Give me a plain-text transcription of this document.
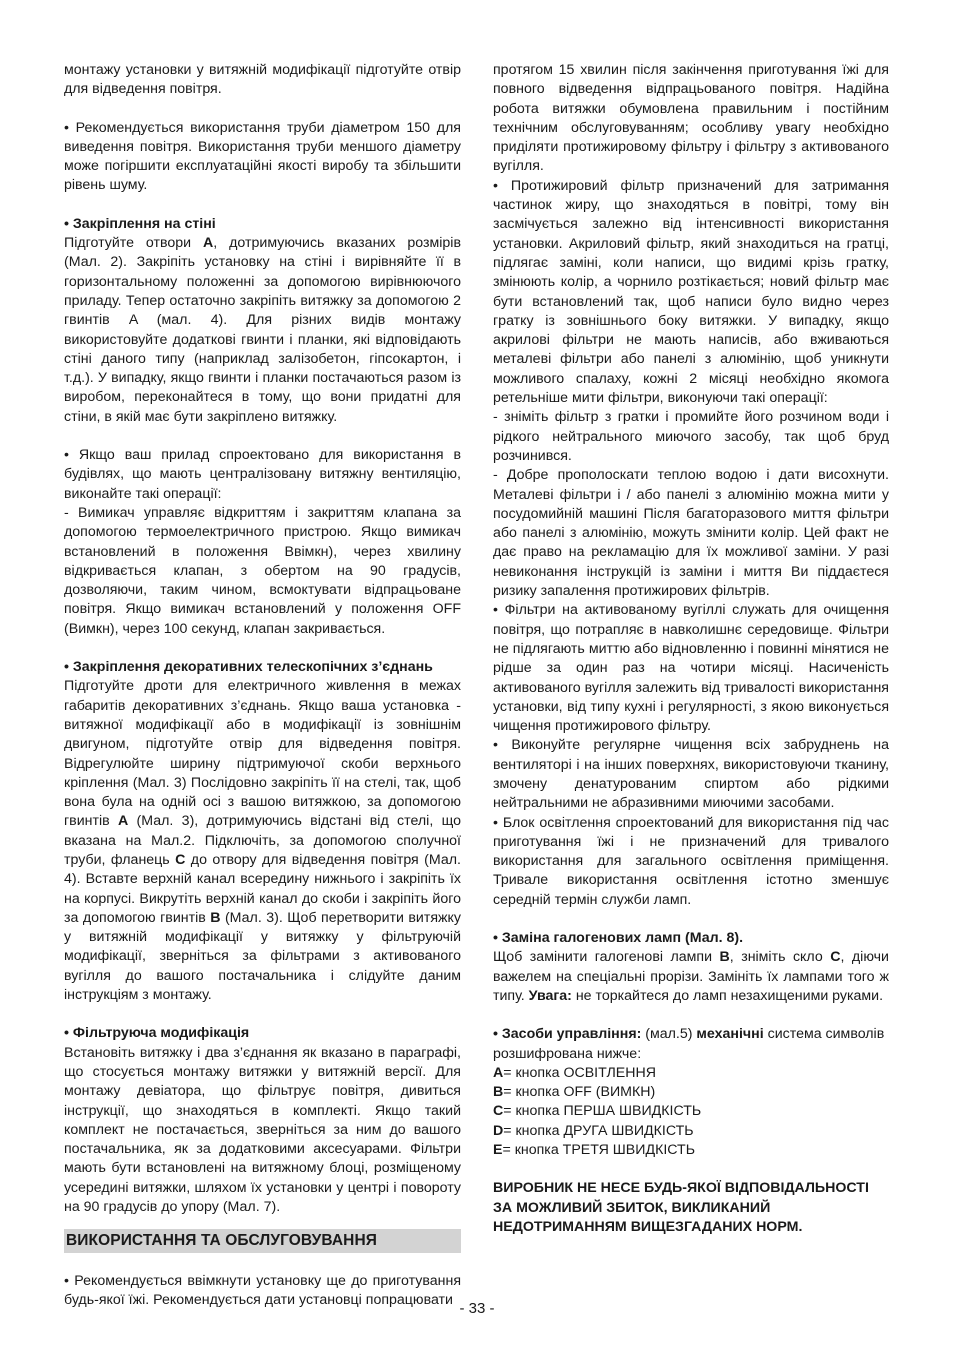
монтажу установки у витяжній модифікації підготуйте отвір для відведення повітря.

• Рекомендується використання труби діаметром 150 для виведення повітря. Використання труби меншого діаметру може погіршити експлуатаційні якості виробу та збільшити рівень шуму.

• Закріплення на стіні

Підготуйте отвори A, дотримуючись вказаних розмірів (Мал. 2). Закріпіть установку на стіні і вирівняйте її в горизонтальному положенні за допомогою вирівнюючого приладу. Тепер остаточно закріпіть витяжку за допомогою 2 гвинтів A (мал. 4). Для різних видів монтажу використовуйте додаткові гвинти і планки, які відповідають стіні даного типу (наприклад залізобетон, гіпсокартон, і т.д.). У випадку, якщо гвинти і планки постачаються разом із виробом, переконайтеся в тому, що вони придатні для стіни, в якій має бути закріплено витяжку.

• Якщо ваш прилад спроектовано для використання в будівлях, що мають централізовану витяжну вентиляцію, виконайте такі операції:

- Вимикач управляє відкриттям і закриттям клапана за допомогою термоелектричного пристрою. Якщо вимикач встановлений в положення Ввімкн), через хвилину відкривається клапан, з обертом на 90 градусів, дозволяючи, таким чином, всмоктувати відпрацьоване повітря. Якщо вимикач встановлений у положення OFF (Вимкн), через 100 секунд, клапан закривається.

• Закріплення декоративних телескопічних з’єднань

Підготуйте дроти для електричного живлення в межах габаритів декоративних з’єднань. Якщо ваша установка - витяжної модифікації або в модифікації із зовнішнім двигуном, підготуйте отвір для відведення повітря. Відрегулюйте ширину підтримуючої скоби верхнього кріплення (Мал. 3) Послідовно закріпіть її на стелі, так, щоб вона була на одній осі з вашою витяжкою, за допомогою гвинтів A (Мал. 3), дотримуючись відстані від стелі, що вказана на Мал.2. Підключіть, за допомогою сполучної труби, фланець C до отвору для відведення повітря (Мал. 4). Вставте верхній канал всередину нижнього і закріпіть їх на корпусі. Викрутіть верхній канал до скоби і закріпіть його за допомогою гвинтів B (Мал. 3). Щоб перетворити витяжку у витяжній модифікації у витяжку у фільтруючій модифікації, зверніться за фільтрами з активованого вугілля до вашого постачальника і слідуйте даним інструкціям з монтажу.

• Фільтруюча модифікація

Встановіть витяжку і два з’єднання як вказано в параграфі, що стосується монтажу витяжки у витяжній версії. Для монтажу девіатора, що фільтрує повітря, дивиться інструкції, що знаходяться в комплекті. Якщо такий комплект не постачається, зверніться за ним до вашого постачальника, як за додатковими аксесуарами. Фільтри мають бути встановлені на витяжному блоці, розміщеному усередині витяжки, шляхом їх установки у центрі і повороту на 90 градусів до упору (Мал. 7).

ВИКОРИСТАННЯ ТА ОБСЛУГОВУВАННЯ

• Рекомендується ввімкнути установку ще до приготування будь-якої їжі. Рекомендується дати установці попрацювати

протягом 15 хвилин після закінчення приготування їжі для повного відведення відпрацьованого повітря. Надійна робота витяжки обумовлена правильним і постійним технічним обслуговуванням; особливу увагу необхідно приділяти протижировому фільтру і фільтру з активованого вугілля.

• Протижировий фільтр призначений для затримання частинок жиру, що знаходяться в повітрі, тому він засмічується залежно від інтенсивності використання установки. Акриловий фільтр, який знаходиться на гратці, підлягає заміні, коли написи, що видимі крізь гратку, змінюють колір, а чорнило розтікається; новий фільтр має бути встановлений так, щоб написи було видно через гратку із зовнішнього боку витяжки. У випадку, якщо акрилові фільтри не мають написів, або вживаються металеві фільтри або панелі з алюмінію, щоб уникнути можливого спалаху, кожні 2 місяці необхідно якомога ретельніше мити фільтри, виконуючи такі операції:

- зніміть фільтр з гратки і промийте його розчином води і рідкого нейтрального миючого засобу, так щоб бруд розчинився.

- Добре прополоскати теплою водою і дати висохнути. Металеві фільтри і / або панелі з алюмінію можна мити у посудомийній машині Після багаторазового миття фільтри або панелі з алюмінію, можуть змінити колір. Цей факт не дає право на рекламацію для їх можливої заміни. У разі невиконання інструкцій із заміни і миття Ви піддаєтеся ризику запалення протижирових фільтрів.

• Фільтри на активованому вугіллі служать для очищення повітря, що потрапляє в навколишнє середовище. Фільтри не підлягають миттю або відновленню і повинні мінятися не рідше за один раз на чотири місяці. Насиченість активованого вугілля залежить від тривалості використання установки, від типу кухні і регулярності, з якою виконується чищення протижирового фільтру.

• Виконуйте регулярне чищення всіх забруднень на вентиляторі і на інших поверхнях, використовуючи тканину, змочену денатурованим спиртом або рідкими нейтральними не абразивними миючими засобами.

• Блок освітлення спроектований для використання під час приготування їжі і не призначений для тривалого використання для загального освітлення приміщення. Тривале використання освітлення істотно зменшує середній термін служби ламп.

• Заміна галогенових ламп (Мал. 8).

Щоб замінити галогенові лампи B, зніміть скло C, діючи важелем на спеціальні прорізи. Замініть їх лампами того ж типу. Увага: не торкайтеся до ламп незахищеними руками.

• Засоби управління: (мал.5) механічні система символів розшифрована нижче:

A= кнопка ОСВІТЛЕННЯ
B= кнопка OFF (ВИМКН)
C= кнопка ПЕРША ШВИДКІСТЬ
D= кнопка ДРУГА ШВИДКІСТЬ
E= кнопка ТРЕТЯ ШВИДКІСТЬ

ВИРОБНИК НЕ НЕСЕ БУДЬ-ЯКОЇ ВІДПОВІДАЛЬНОСТІ ЗА МОЖЛИВИЙ ЗБИТОК, ВИКЛИКАНИЙ НЕДОТРИМАННЯМ ВИЩЕЗГАДАНИХ НОРМ.

- 33 -
